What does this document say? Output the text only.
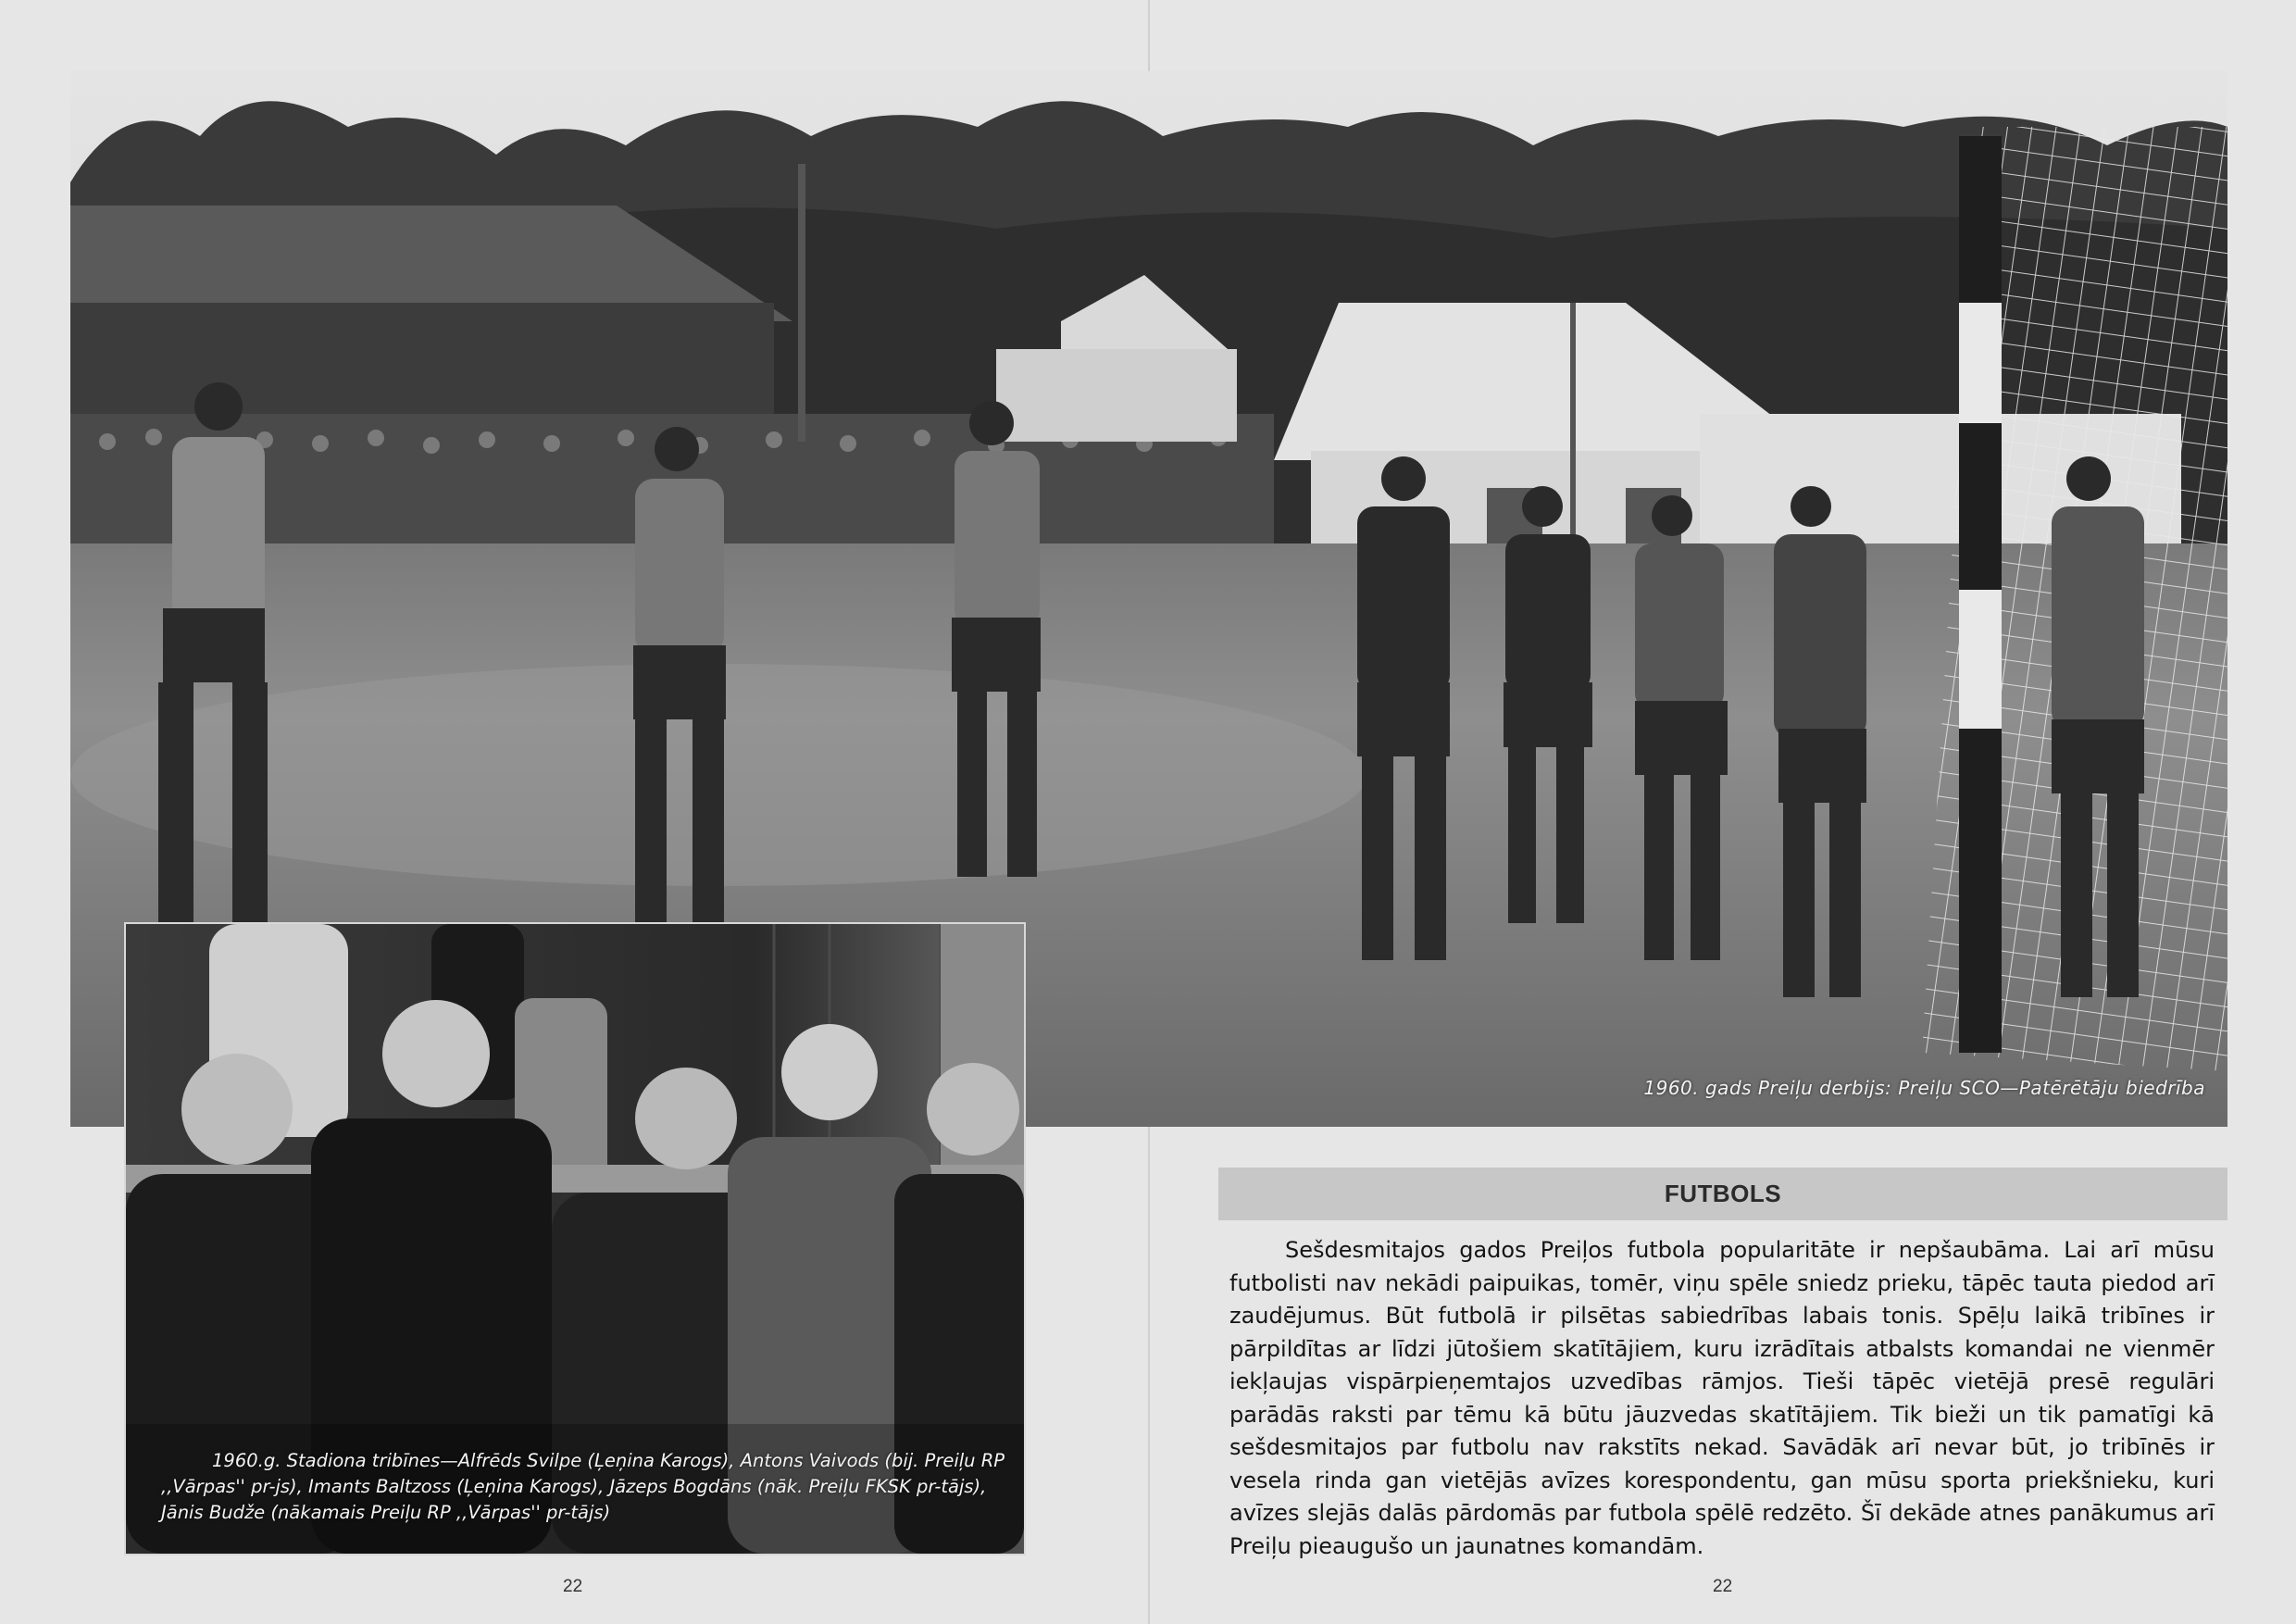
1960. gads Preiļu derbijs: Preiļu SCO—Patērētāju biedrība
1960.g. Stadiona tribīnes—Alfrēds Svilpe (Ļeņina Karogs), Antons Vaivods (bij. Preiļu RP ,,Vārpas'' pr-js), Imants Baltzoss (Ļeņina Karogs), Jāzeps Bogdāns (nāk. Preiļu FKSK pr-tājs), Jānis Budže (nākamais Preiļu RP ,,Vārpas'' pr-tājs)
FUTBOLS

Sešdesmitajos gados Preiļos futbola popularitāte ir nepšaubāma. Lai arī mūsu futbolisti nav nekādi paipuikas, tomēr, viņu spēle sniedz prieku, tāpēc tauta piedod arī zaudējumus. Būt futbolā ir pilsētas sabiedrības labais tonis. Spēļu laikā tribīnes ir pārpildītas ar līdzi jūtošiem skatītājiem, kuru izrādītais atbalsts komandai ne vienmēr iekļaujas vispārpieņemtajos uzvedības rāmjos. Tieši tāpēc vietējā presē regulāri parādās raksti par tēmu kā būtu jāuzvedas skatītājiem. Tik bieži un tik pamatīgi kā sešdesmitajos par futbolu nav rakstīts nekad. Savādāk arī nevar būt, jo tribīnēs ir vesela rinda gan vietējās avīzes korespondentu, gan mūsu sporta priekšnieku, kuri avīzes slejās dalās pārdomās par futbola spēlē redzēto. Šī dekāde atnes panākumus arī Preiļu pieaugušo un jaunatnes komandām.

22	22
